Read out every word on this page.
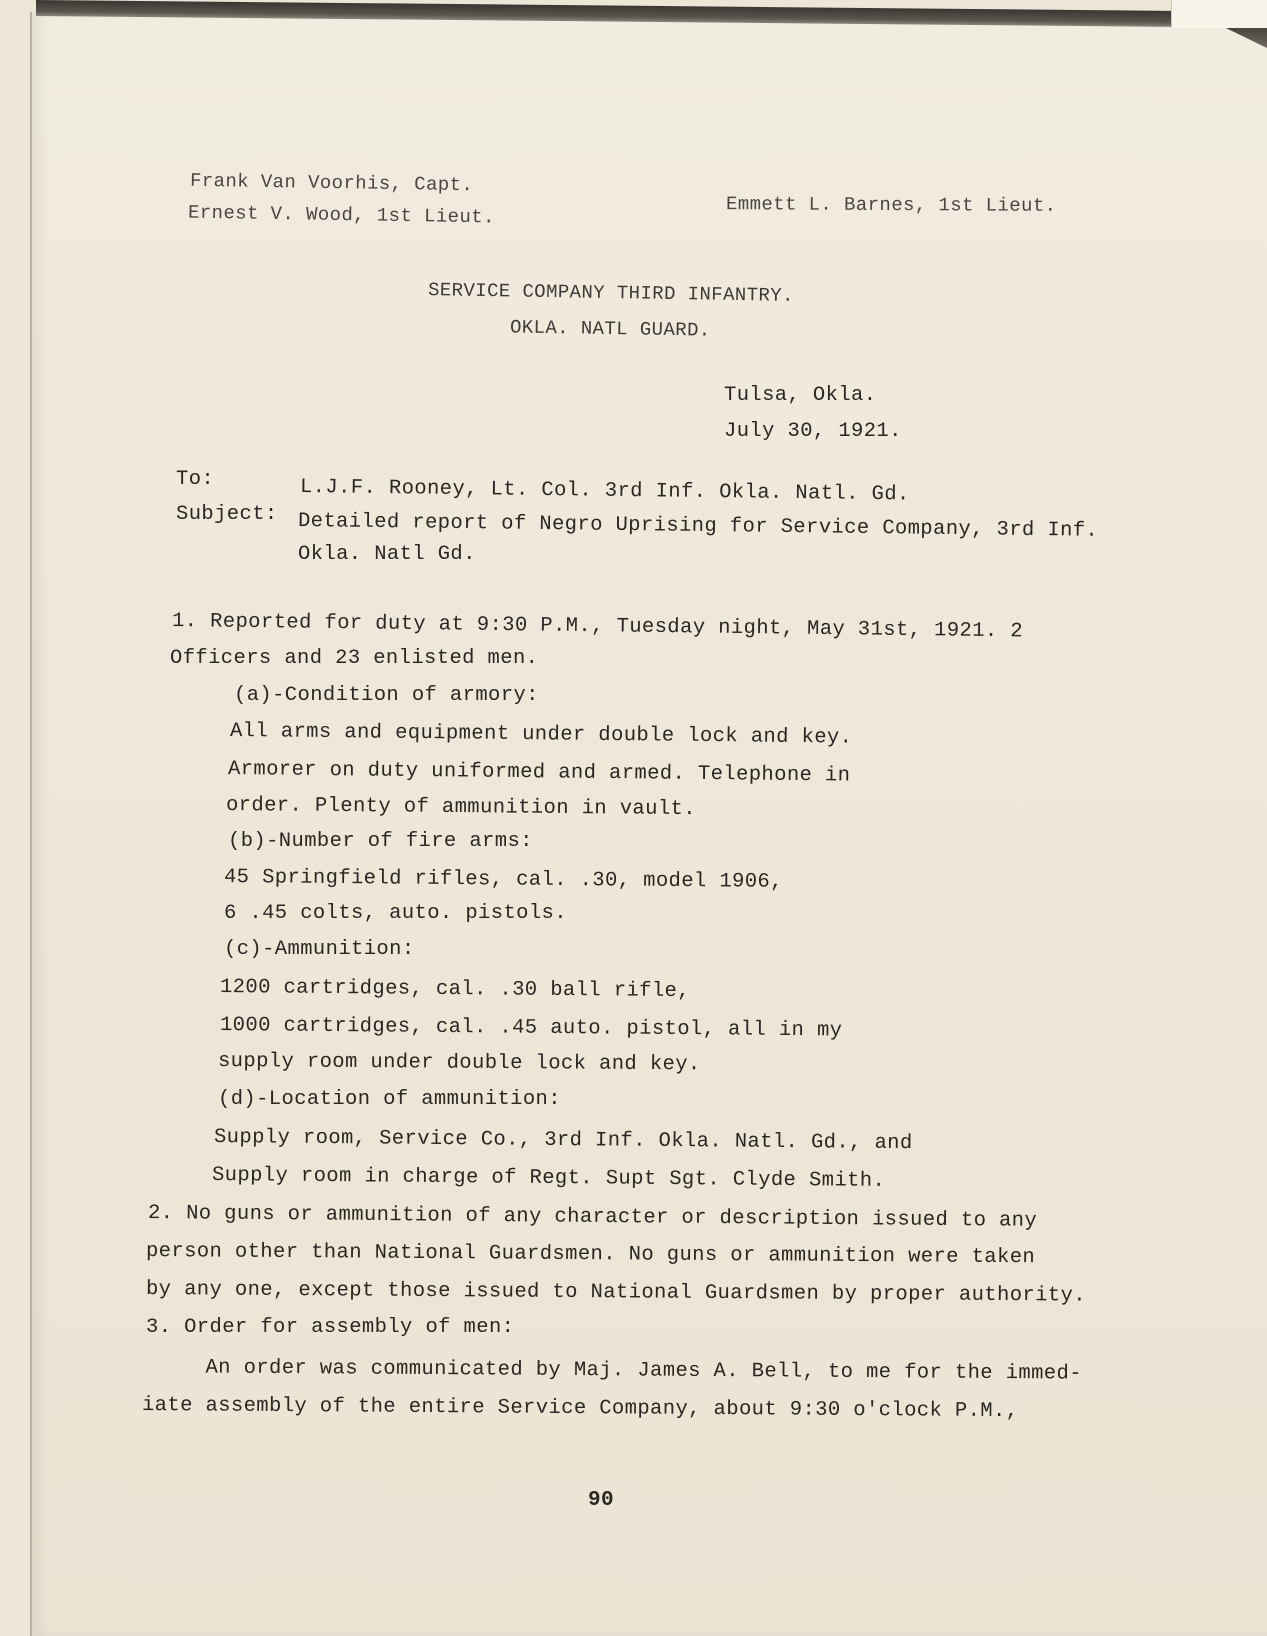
Frank Van Voorhis, Capt.
Ernest V. Wood, 1st Lieut.	Emmett L. Barnes, 1st Lieut.
SERVICE COMPANY THIRD INFANTRY.
OKLA. NATL GUARD.
Tulsa, Okla.
July 30, 1921.
To:	L.J.F. Rooney, Lt. Col. 3rd Inf. Okla. Natl. Gd.
Subject: Detailed report of Negro Uprising for Service Company, 3rd Inf.
Okla. Natl Gd.
1. Reported for duty at 9:30 P.M., Tuesday night, May 31st, 1921. 2
Officers and 23 enlisted men.
(a)-Condition of armory:
All arms and equipment under double lock and key.
Armorer on duty uniformed and armed. Telephone in
order. Plenty of ammunition in vault.
(b)-Number of fire arms:
45 Springfield rifles, cal. .30, model 1906,
6 .45 colts, auto. pistols.
(c)-Ammunition:
1200 cartridges, cal. .30 ball rifle,
1000 cartridges, cal. .45 auto. pistol, all in my
supply room under double lock and key.
(d)-Location of ammunition:
Supply room, Service Co., 3rd Inf. Okla. Natl. Gd., and
Supply room in charge of Regt. Supt Sgt. Clyde Smith.
2. No guns or ammunition of any character or description issued to any
person other than National Guardsmen. No guns or ammunition were taken
by any one, except those issued to National Guardsmen by proper authority.
3. Order for assembly of men:
An order was communicated by Maj. James A. Bell, to me for the immed-
iate assembly of the entire Service Company, about 9:30 o'clock P.M.,
90
